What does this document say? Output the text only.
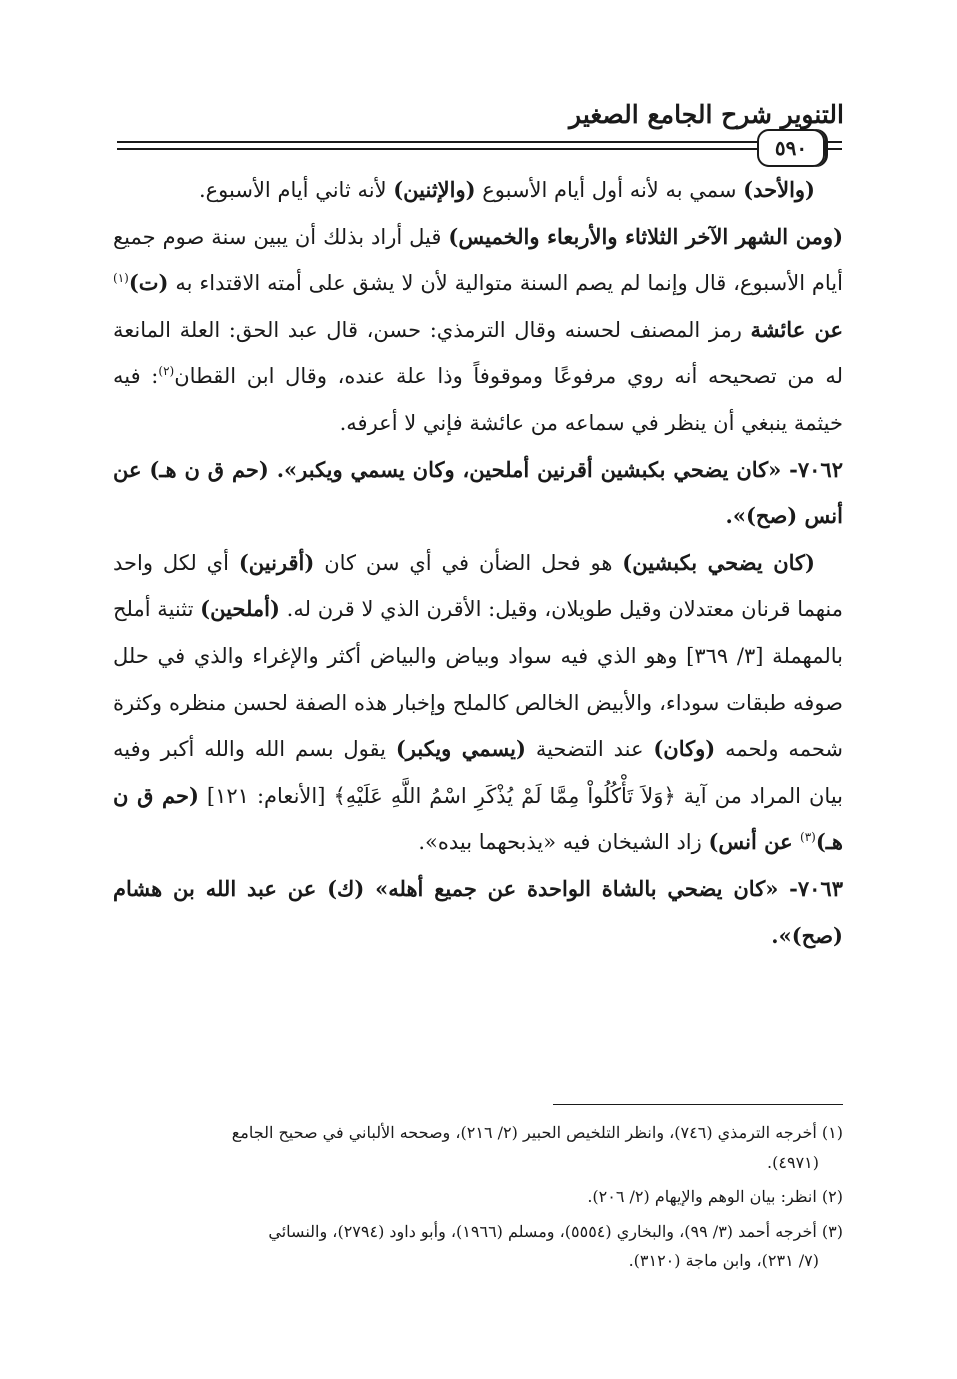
التنوير شرح الجامع الصغير
٥٩٠

(والأحد) سمي به لأنه أول أيام الأسبوع (والإثنين) لأنه ثاني أيام الأسبوع.

(ومن الشهر الآخر الثلاثاء والأربعاء والخميس) قيل أراد بذلك أن يبين سنة صوم جميع أيام الأسبوع، قال وإنما لم يصم السنة متوالية لأن لا يشق على أمته الاقتداء به (ت)$^{(١)}$ عن عائشة رمز المصنف لحسنه وقال الترمذي: حسن، قال عبد الحق: العلة المانعة له من تصحيحه أنه روي مرفوعًا وموقوفاً وذا علة عنده، وقال ابن القطان$^{(٢)}$: فيه خيثمة ينبغي أن ينظر في سماعه من عائشة فإني لا أعرفه.

٧٠٦٢- «كان يضحي بكبشين أقرنين أملحين، وكان يسمي ويكبر». (حم ق ن هـ) عن أنس (صح)».

(كان يضحي بكبشين) هو فحل الضأن في أي سن كان (أقرنين) أي لكل واحد منهما قرنان معتدلان وقيل طويلان، وقيل: الأقرن الذي لا قرن له. (أملحين) تثنية أملح بالمهملة [٣/ ٣٦٩] وهو الذي فيه سواد وبياض والبياض أكثر والإغراء والذي في حلل صوفه طبقات سوداء، والأبيض الخالص كالملح وإخبار هذه الصفة لحسن منظره وكثرة شحمه ولحمه (وكان) عند التضحية (يسمي ويكبر) يقول بسم الله والله أكبر وفيه بيان المراد من آية ﴿وَلاَ تَأْكُلُواْ مِمَّا لَمْ يُذْكَرِ اسْمُ اللَّهِ عَلَيْهِ﴾ [الأنعام: ١٢١] (حم ق ن هـ)$^{(٣)}$ عن أنس) زاد الشيخان فيه «يذبحهما بيده».

٧٠٦٣- «كان يضحي بالشاة الواحدة عن جميع أهله» (ك) عن عبد الله بن هشام (صح)».

(١) أخرجه الترمذي (٧٤٦)، وانظر التلخيص الحبير (٢/ ٢١٦)، وصححه الألباني في صحيح الجامع
(٤٩٧١).

(٢) انظر: بيان الوهم والإيهام (٢/ ٢٠٦).

(٣) أخرجه أحمد (٣/ ٩٩)، والبخاري (٥٥٥٤)، ومسلم (١٩٦٦)، وأبو داود (٢٧٩٤)، والنسائي
(٧/ ٢٣١)، وابن ماجة (٣١٢٠).
